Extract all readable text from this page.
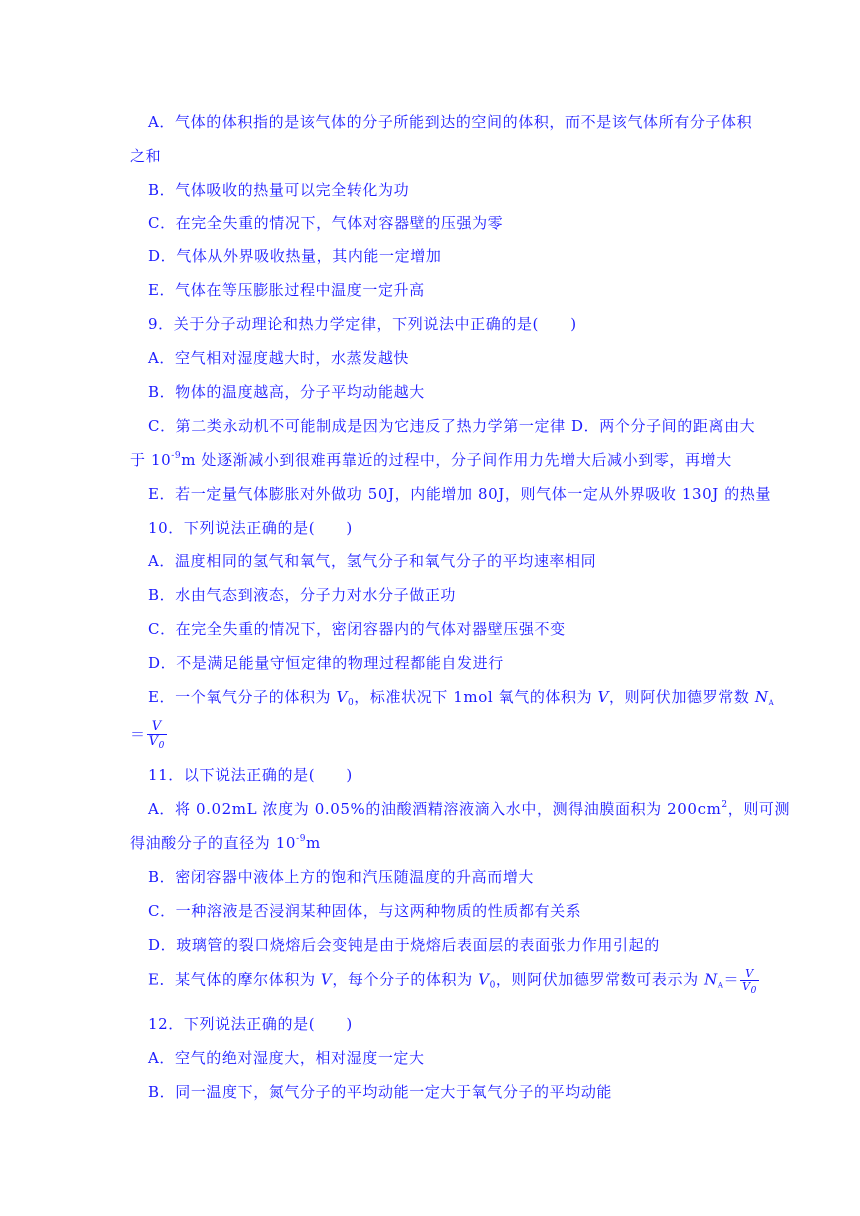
A．气体的体积指的是该气体的分子所能到达的空间的体积，而不是该气体所有分子体积
之和
B．气体吸收的热量可以完全转化为功
C．在完全失重的情况下，气体对容器壁的压强为零
D．气体从外界吸收热量，其内能一定增加
E．气体在等压膨胀过程中温度一定升高
9．关于分子动理论和热力学定律，下列说法中正确的是(　　)
A．空气相对湿度越大时，水蒸发越快
B．物体的温度越高，分子平均动能越大
C．第二类永动机不可能制成是因为它违反了热力学第一定律 D．两个分子间的距离由大
于 $10^{-9}m$ 处逐渐减小到很难再靠近的过程中，分子间作用力先增大后减小到零，再增大
E．若一定量气体膨胀对外做功 50J，内能增加 80J，则气体一定从外界吸收 130J 的热量
10．下列说法正确的是(　　)
A．温度相同的氢气和氧气，氢气分子和氧气分子的平均速率相同
B．水由气态到液态，分子力对水分子做正功
C．在完全失重的情况下，密闭容器内的气体对器壁压强不变
D．不是满足能量守恒定律的物理过程都能自发进行
E．一个氧气分子的体积为 $V_0$，标准状况下 1mol 氧气的体积为 V，则阿伏加德罗常数 $N_A$
＝ $\frac{V}{V_0}$
11．以下说法正确的是(　　)
A．将 0.02mL 浓度为 0.05%的油酸酒精溶液滴入水中，测得油膜面积为 $200cm^2$，则可测
得油酸分子的直径为 $10^{-9}m$
B．密闭容器中液体上方的饱和汽压随温度的升高而增大
C．一种溶液是否浸润某种固体，与这两种物质的性质都有关系
D．玻璃管的裂口烧熔后会变钝是由于烧熔后表面层的表面张力作用引起的
E．某气体的摩尔体积为 V，每个分子的体积为 $V_0$，则阿伏加德罗常数可表示为 $N_A= \frac{V}{V_0}$
12．下列说法正确的是(　　)
A．空气的绝对湿度大，相对湿度一定大
B．同一温度下，氮气分子的平均动能一定大于氧气分子的平均动能
